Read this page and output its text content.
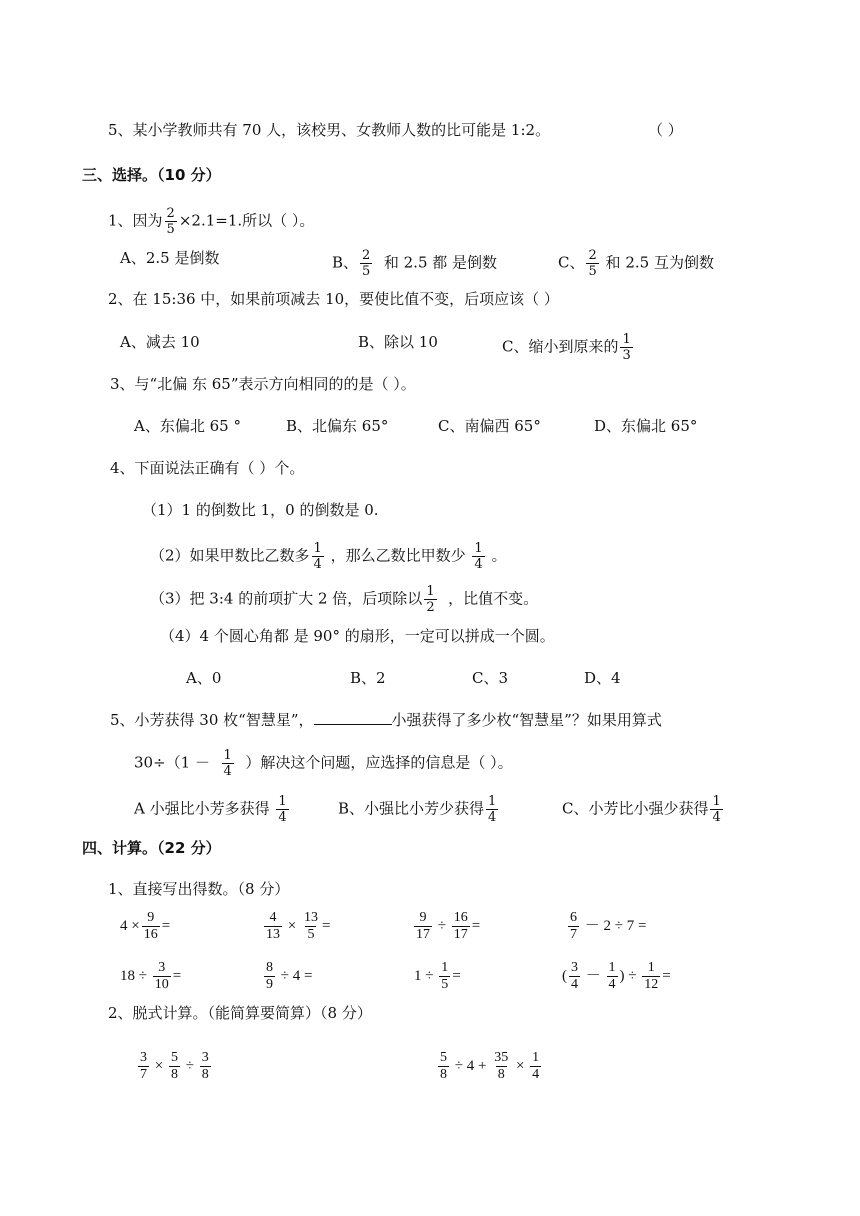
5、某小学教师共有 70 人，该校男、女教师人数的比可能是 1:2。	（ ）
三、选择。（10 分）
1、因为 $\frac{2}{5} \times 2.1=1$.所以（ ）。
A、2.5 是倒数	B、 $\frac{2}{5}$ 和 2.5 都 是倒数	C、 $\frac{2}{5}$ 和 2.5 互为倒数
2、在 15:36 中，如果前项减去 10，要使比值不变，后项应该（ ）
A、减去 10	B、除以 10	C、缩小到原来的 $\frac{1}{3}$
3、与“北偏 东 65”表示方向相同的的是（ ）。
A、东偏北 65 °	B、北偏东 65°	C、南偏西 65°	D、东偏北 65°
4、下面说法正确有（ ）个。
（1）1 的倒数比 1，0 的倒数是 0.
（2）如果甲数比乙数多 $\frac{1}{4}$ ，那么乙数比甲数少 $\frac{1}{4}$ 。
（3）把 3:4 的前项扩大 2 倍，后项除以 $\frac{1}{2}$ ，比值不变。
（4）4 个圆心角都 是 90° 的扇形，一定可以拼成一个圆。
A、0	B、2	C、3	D、4
5、小芳获得 30 枚“智慧星”，	小强获得了多少枚“智慧星”？如果用算式
$30\div(1 - \frac{1}{4}$ ）解决这个问题，应选择的信息是（ ）。
A 小强比小芳多获得 $\frac{1}{4}$	B、小强比小芳少获得 $\frac{1}{4}$	C、小芳比小强少获得 $\frac{1}{4}$
四、计算。（22 分）
1、直接写出得数。（8 分）
$4 \times \frac{9}{16}$ =	$\frac{4}{13} \times \frac{13}{5}$ =	$\frac{9}{17} \div \frac{16}{17}$ =	$\frac{6}{7} - 2 \div 7$ =
$18 \div \frac{3}{10}$ =	$\frac{8}{9} \div 4$ =	$1 \div \frac{1}{5}$ =	( $\frac{3}{4} - \frac{1}{4}$ ) ÷ $\frac{1}{12}$ =
2、脱式计算。（能简算要简算）（8 分）
$\frac{3}{7} \times \frac{5}{8} \div \frac{3}{8}$	$\frac{5}{8} \div 4 + \frac{35}{8} \times \frac{1}{4}$
